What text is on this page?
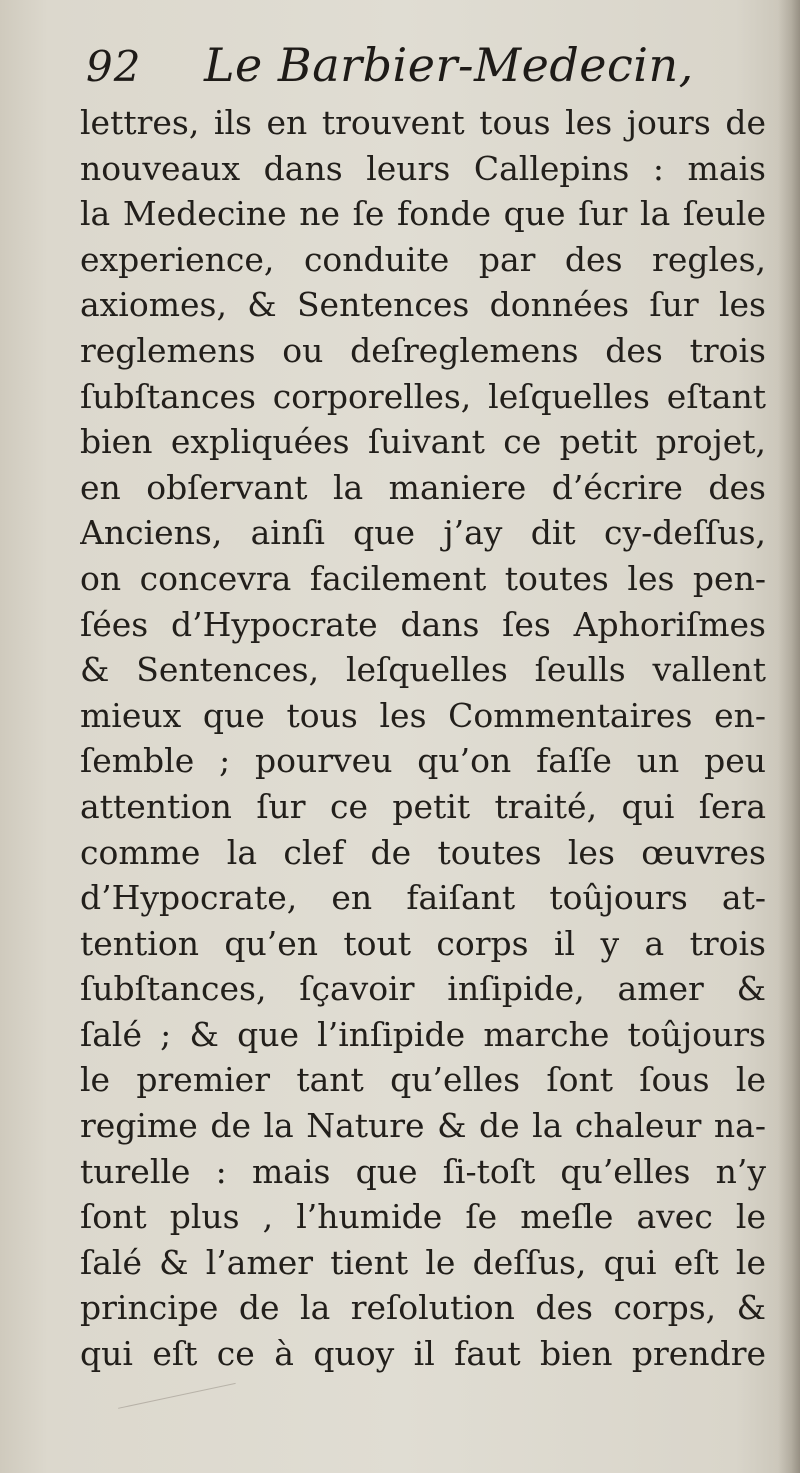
92 Le Barbier-Medecin,
lettres, ils en trouvent tous les jours de
nouveaux dans leurs Callepins : mais
la Medecine ne ſe fonde que ſur la ſeule
experience, conduite par des regles,
axiomes, & Sentences données ſur les
reglemens ou deſreglemens des trois
ſubſtances corporelles, leſquelles eſtant
bien expliquées ſuivant ce petit projet,
en obſervant la maniere d’écrire des
Anciens, ainſi que j’ay dit cy-deſſus,
on concevra facilement toutes les pen-
ſées d’Hypocrate dans ſes Aphoriſmes
& Sentences, leſquelles ſeulls vallent
mieux que tous les Commentaires en-
ſemble ; pourveu qu’on faſſe un peu
attention ſur ce petit traité, qui ſera
comme la clef de toutes les œuvres
d’Hypocrate, en faiſant toûjours at-
tention qu’en tout corps il y a trois
ſubſtances, ſçavoir inſipide, amer &
ſalé ; & que l’inſipide marche toûjours
le premier tant qu’elles ſont ſous le
regime de la Nature & de la chaleur na-
turelle : mais que ſi-toſt qu’elles n’y
ſont plus , l’humide ſe meſle avec le
ſalé & l’amer tient le deſſus, qui eſt le
principe de la reſolution des corps, &
qui eſt ce à quoy il faut bien prendre
